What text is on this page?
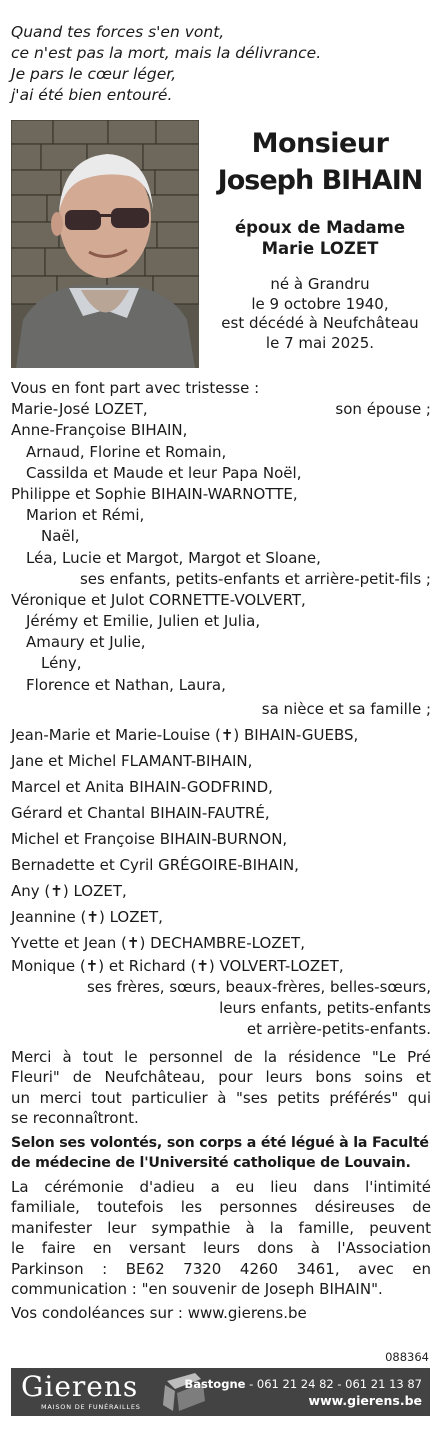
Quand tes forces s'en vont,
ce n'est pas la mort, mais la délivrance.
Je pars le cœur léger,
j'ai été bien entouré.
Monsieur
Joseph BIHAIN
époux de Madame
Marie LOZET
né à Grandru
le 9 octobre 1940,
est décédé à Neufchâteau
le 7 mai 2025.
Vous en font part avec tristesse :
Marie-José LOZET,	son épouse ;
Anne-Françoise BIHAIN,
Arnaud, Florine et Romain,
Cassilda et Maude et leur Papa Noël,
Philippe et Sophie BIHAIN-WARNOTTE,
Marion et Rémi,
Naël,
Léa, Lucie et Margot, Margot et Sloane,
ses enfants, petits-enfants et arrière-petit-fils ;
Véronique et Julot CORNETTE-VOLVERT,
Jérémy et Emilie, Julien et Julia,
Amaury et Julie,
Lény,
Florence et Nathan, Laura,
sa nièce et sa famille ;
Jean-Marie et Marie-Louise (✝) BIHAIN-GUEBS,
Jane et Michel FLAMANT-BIHAIN,
Marcel et Anita BIHAIN-GODFRIND,
Gérard et Chantal BIHAIN-FAUTRÉ,
Michel et Françoise BIHAIN-BURNON,
Bernadette et Cyril GRÉGOIRE-BIHAIN,
Any (✝) LOZET,
Jeannine (✝) LOZET,
Yvette et Jean (✝) DECHAMBRE-LOZET,
Monique (✝) et Richard (✝) VOLVERT-LOZET,
ses frères, sœurs, beaux-frères, belles-sœurs,
leurs enfants, petits-enfants
et arrière-petits-enfants.
Merci à tout le personnel de la résidence "Le Pré
Fleuri" de Neufchâteau, pour leurs bons soins et
un merci tout particulier à "ses petits préférés" qui
se reconnaîtront.
Selon ses volontés, son corps a été légué à la Faculté
de médecine de l'Université catholique de Louvain.
La cérémonie d'adieu a eu lieu dans l'intimité
familiale, toutefois les personnes désireuses de
manifester leur sympathie à la famille, peuvent
le faire en versant leurs dons à l'Association
Parkinson : BE62 7320 4260 3461, avec en
communication : "en souvenir de Joseph BIHAIN".
Vos condoléances sur : www.gierens.be
088364
Gierens
MAISON DE FUNÉRAILLES
Bastogne - 061 21 24 82 - 061 21 13 87
www.gierens.be
